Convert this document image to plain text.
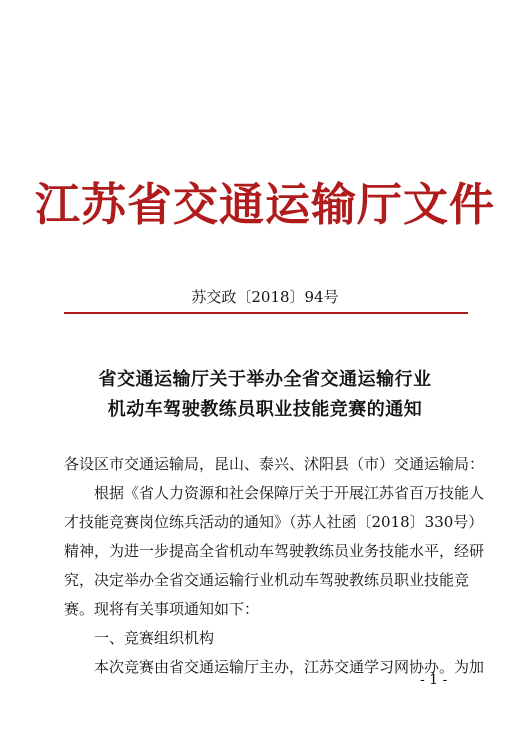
江苏省交通运输厅文件
苏交政〔2018〕94号
省交通运输厅关于举办全省交通运输行业
机动车驾驶教练员职业技能竞赛的通知
各设区市交通运输局，昆山、泰兴、沭阳县（市）交通运输局：
根据《省人力资源和社会保障厅关于开展江苏省百万技能人
才技能竞赛岗位练兵活动的通知》（苏人社函〔2018〕330号）
精神，为进一步提高全省机动车驾驶教练员业务技能水平，经研
究，决定举办全省交通运输行业机动车驾驶教练员职业技能竞
赛。现将有关事项通知如下：
一、竞赛组织机构
本次竞赛由省交通运输厅主办，江苏交通学习网协办。为加
- 1 -
